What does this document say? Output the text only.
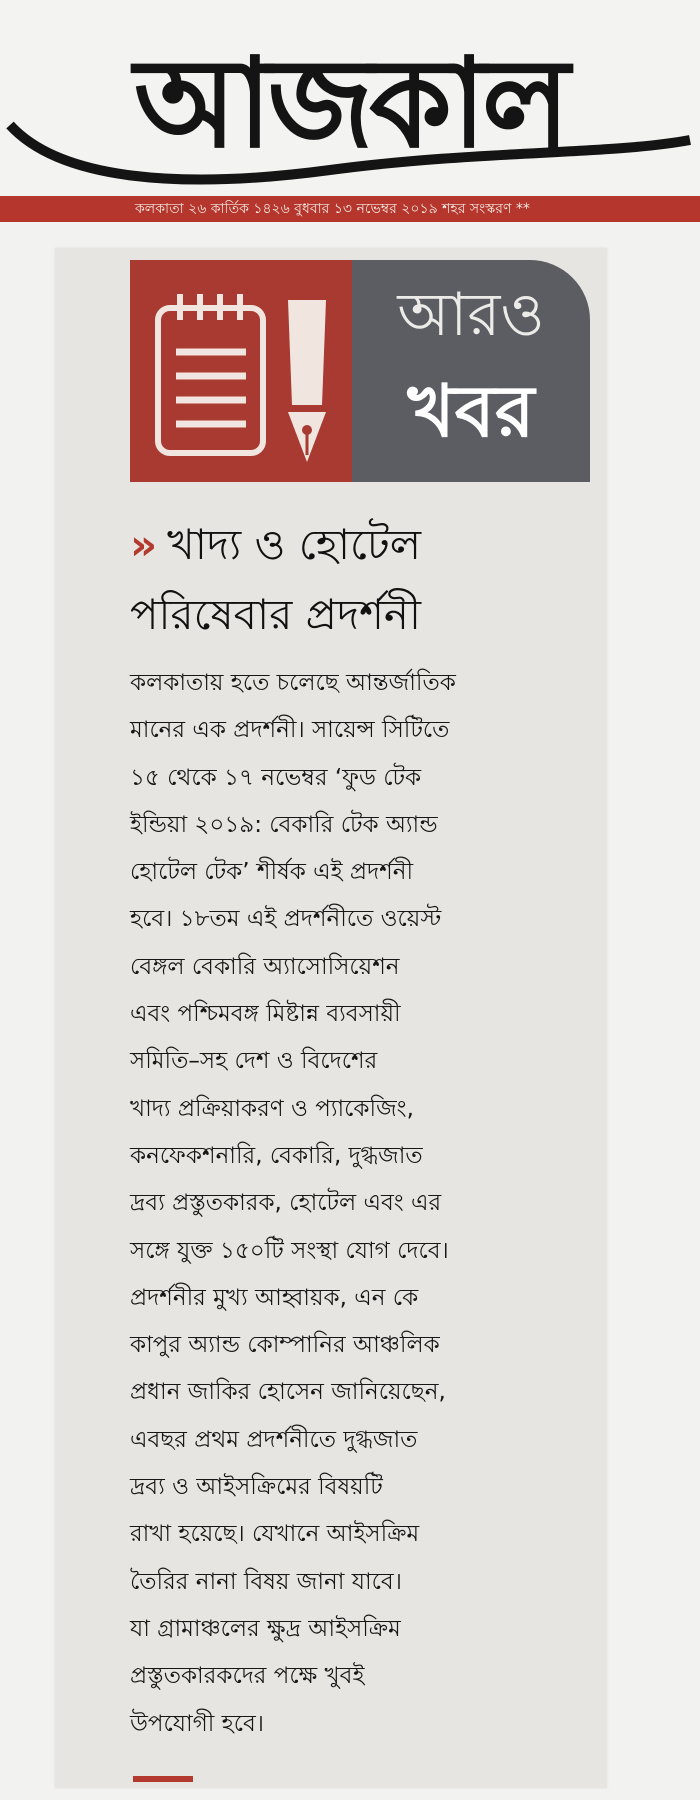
আজকাল
কলকাতা ২৬ কার্তিক ১৪২৬ বুধবার ১৩ নভেম্বর ২০১৯ শহর সংস্করণ **
আরও
খবর
» খাদ্য ও হোটেল
পরিষেবার প্রদর্শনী
কলকাতায় হতে চলেছে আন্তর্জাতিক
মানের এক প্রদর্শনী। সায়েন্স সিটিতে
১৫ থেকে ১৭ নভেম্বর ‘ফুড টেক
ইন্ডিয়া ২০১৯: বেকারি টেক অ্যান্ড
হোটেল টেক’ শীর্ষক এই প্রদর্শনী
হবে। ১৮তম এই প্রদর্শনীতে ওয়েস্ট
বেঙ্গল বেকারি অ্যাসোসিয়েশন
এবং পশ্চিমবঙ্গ মিষ্টান্ন ব্যবসায়ী
সমিতি–সহ দেশ ও বিদেশের
খাদ্য প্রক্রিয়াকরণ ও প্যাকেজিং,
কনফেকশনারি, বেকারি, দুগ্ধজাত
দ্রব্য প্রস্তুতকারক, হোটেল এবং এর
সঙ্গে যুক্ত ১৫০টি সংস্থা যোগ দেবে।
প্রদর্শনীর মুখ্য আহ্বায়ক, এন কে
কাপুর অ্যান্ড কোম্পানির আঞ্চলিক
প্রধান জাকির হোসেন জানিয়েছেন,
এবছর প্রথম প্রদর্শনীতে দুগ্ধজাত
দ্রব্য ও আইসক্রিমের বিষয়টি
রাখা হয়েছে। যেখানে আইসক্রিম
তৈরির নানা বিষয় জানা যাবে।
যা গ্রামাঞ্চলের ক্ষুদ্র আইসক্রিম
প্রস্তুতকারকদের পক্ষে খুবই
উপযোগী হবে।
